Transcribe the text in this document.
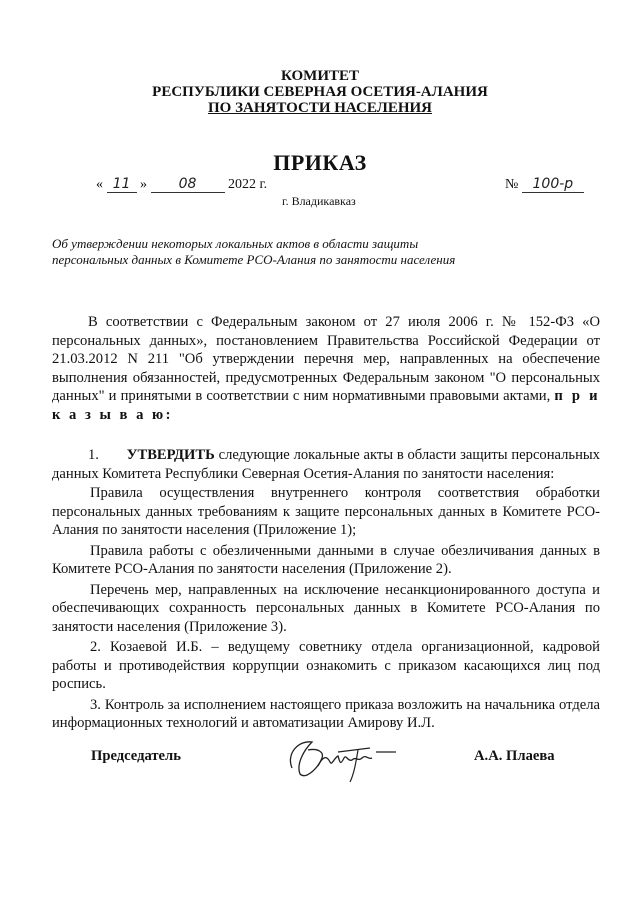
КОМИТЕТ
РЕСПУБЛИКИ СЕВЕРНАЯ ОСЕТИЯ-АЛАНИЯ
ПО ЗАНЯТОСТИ НАСЕЛЕНИЯ
ПРИКАЗ
« 11 » 08 2022 г.	№ 100-р
г. Владикавказ
Об утверждении некоторых локальных актов в области защиты персональных данных в Комитете РСО-Алания по занятости населения

В соответствии с Федеральным законом от 27 июля 2006 г. № 152-ФЗ «О персональных данных», постановлением Правительства Российской Федерации от 21.03.2012 N 211 "Об утверждении перечня мер, направленных на обеспечение выполнения обязанностей, предусмотренных Федеральным законом "О персональных данных" и принятыми в соответствии с ним нормативными правовыми актами, п р и к а з ы в а ю:

1. УТВЕРДИТЬ следующие локальные акты в области защиты персональных данных Комитета Республики Северная Осетия-Алания по занятости населения:

Правила осуществления внутреннего контроля соответствия обработки персональных данных требованиям к защите персональных данных в Комитете РСО-Алания по занятости населения (Приложение 1);

Правила работы с обезличенными данными в случае обезличивания данных в Комитете РСО-Алания по занятости населения (Приложение 2).

Перечень мер, направленных на исключение несанкционированного доступа и обеспечивающих сохранность персональных данных в Комитете РСО-Алания по занятости населения (Приложение 3).

2. Козаевой И.Б. – ведущему советнику отдела организационной, кадровой работы и противодействия коррупции ознакомить с приказом касающихся лиц под роспись.

3. Контроль за исполнением настоящего приказа возложить на начальника отдела информационных технологий и автоматизации Амирову И.Л.

Председатель	А.А. Плаева
